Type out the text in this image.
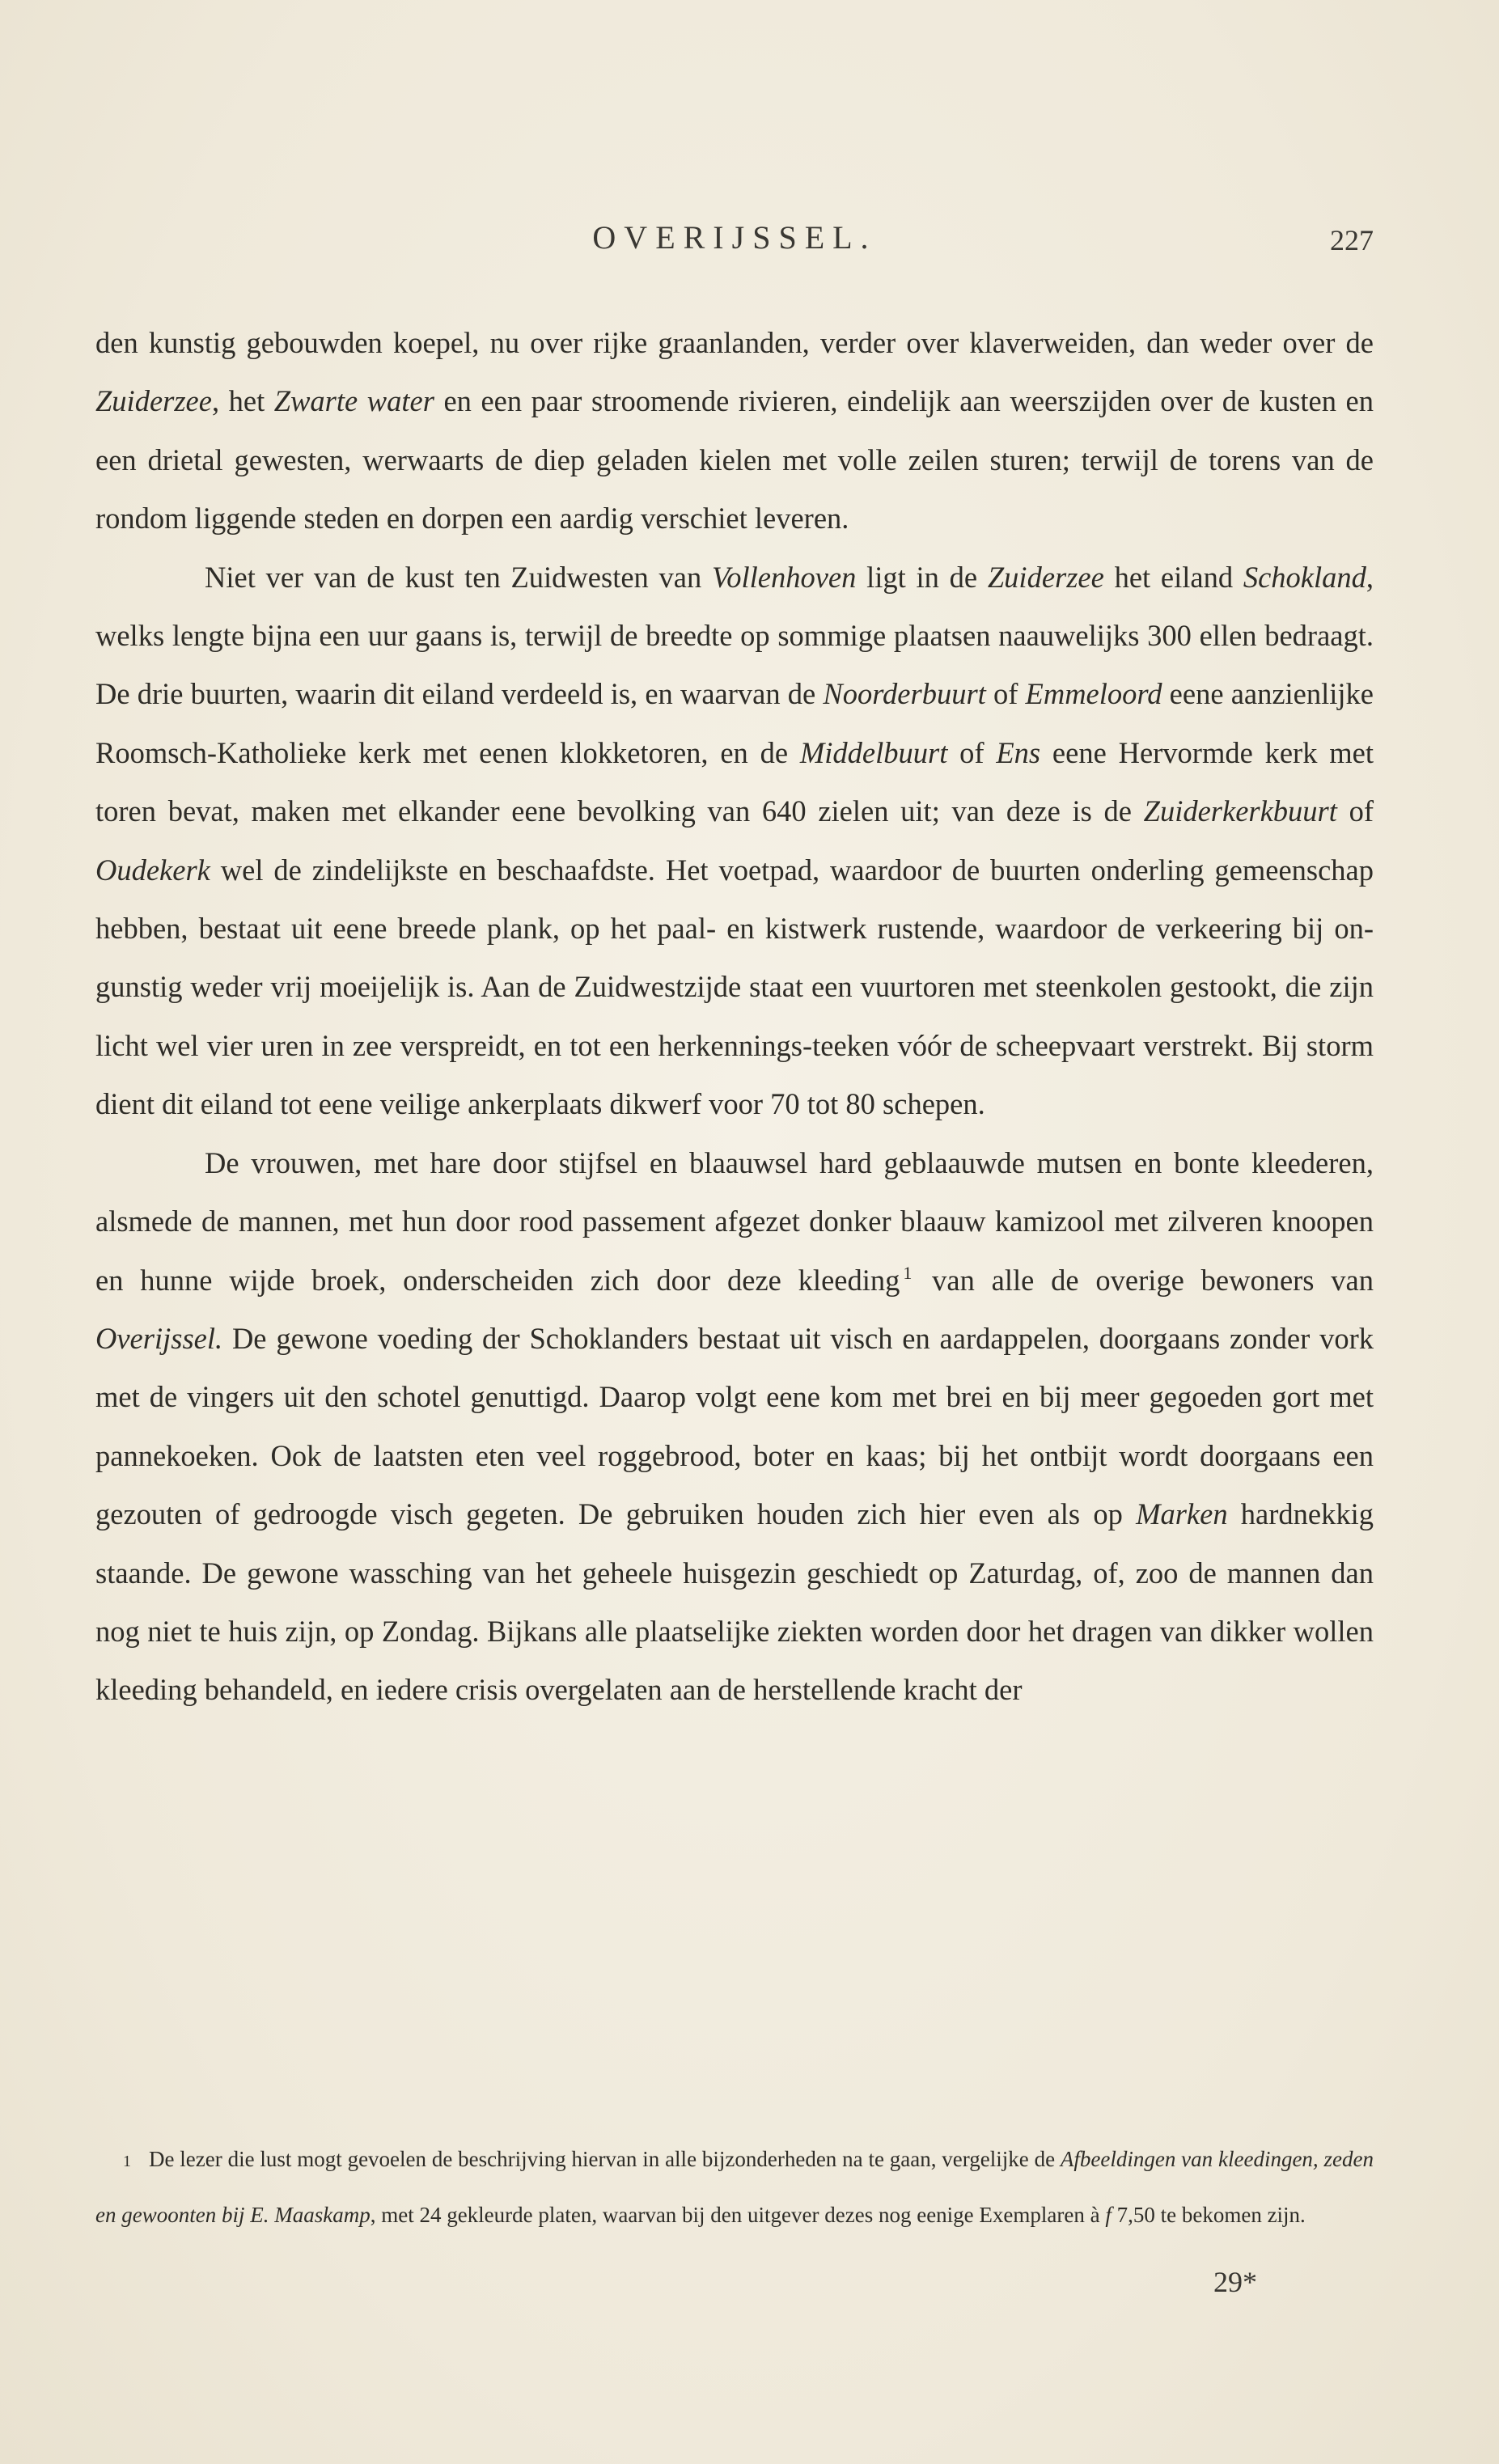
OVERIJSSEL.	227

den kunstig gebouwden koepel, nu over rijke graanlanden, verder over klaverweiden, dan weder over de Zuiderzee, het Zwarte water en een paar stroomende rivieren, eindelijk aan weerszijden over de kusten en een drietal gewesten, werwaarts de diep geladen kielen met volle zeilen sturen; terwijl de torens van de rondom liggende steden en dorpen een aardig verschiet leveren.

Niet ver van de kust ten Zuidwesten van Vollenhoven ligt in de Zuiderzee het eiland Schokland, welks lengte bijna een uur gaans is, terwijl de breedte op sommige plaatsen naauwelijks 300 ellen bedraagt. De drie buurten, waarin dit eiland verdeeld is, en waarvan de Noorderbuurt of Emmeloord eene aanzienlijke Roomsch-Katholieke kerk met eenen klokketoren, en de Middelbuurt of Ens eene Hervormde kerk met toren bevat, maken met elkander eene bevolking van 640 zielen uit; van deze is de Zuiderkerkbuurt of Oudekerk wel de zindelijkste en beschaafdste. Het voetpad, waardoor de buurten onderling gemeenschap hebben, bestaat uit eene breede plank, op het paal- en kistwerk rustende, waardoor de verkeering bij on-gunstig weder vrij moeijelijk is. Aan de Zuidwestzijde staat een vuurtoren met steenkolen gestookt, die zijn licht wel vier uren in zee verspreidt, en tot een herkennings-teeken vóór de scheepvaart verstrekt. Bij storm dient dit eiland tot eene veilige ankerplaats dikwerf voor 70 tot 80 schepen.

De vrouwen, met hare door stijfsel en blaauwsel hard geblaauwde mutsen en bonte kleederen, alsmede de mannen, met hun door rood passement afgezet donker blaauw kamizool met zilveren knoopen en hunne wijde broek, onderscheiden zich door deze kleeding $^1$ van alle de overige bewoners van Overijssel. De gewone voeding der Schoklanders bestaat uit visch en aardappelen, doorgaans zonder vork met de vingers uit den schotel genuttigd. Daarop volgt eene kom met brei en bij meer gegoeden gort met pannekoeken. Ook de laatsten eten veel roggebrood, boter en kaas; bij het ontbijt wordt doorgaans een gezouten of gedroogde visch gegeten. De gebruiken houden zich hier even als op Marken hardnekkig staande. De gewone wassching van het geheele huisgezin geschiedt op Zaturdag, of, zoo de mannen dan nog niet te huis zijn, op Zondag. Bijkans alle plaatselijke ziekten worden door het dragen van dikker wollen kleeding behandeld, en iedere crisis overgelaten aan de herstellende kracht der

1 De lezer die lust mogt gevoelen de beschrijving hiervan in alle bijzonderheden na te gaan, vergelijke de Afbeeldingen van kleedingen, zeden en gewoonten bij E. Maaskamp, met 24 gekleurde platen, waarvan bij den uitgever dezes nog eenige Exemplaren à f 7,50 te bekomen zijn.

29*
